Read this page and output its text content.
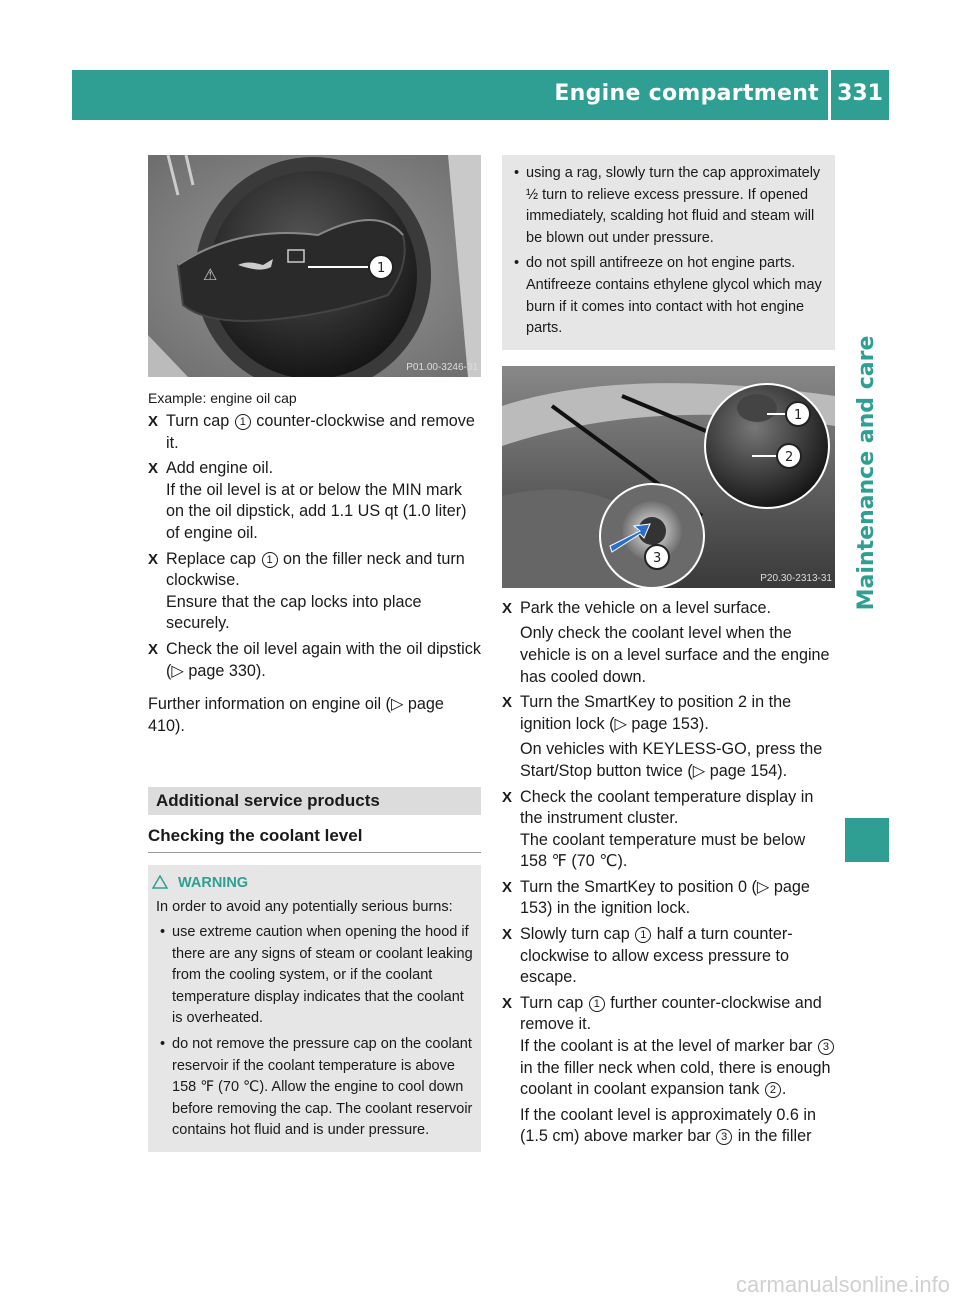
Engine compartment 331
Maintenance and care
⚠	1
P01.00-3246-31
Example: engine oil cap
X Turn cap 1 counter-clockwise and remove it.

X Add engine oil.

If the oil level is at or below the MIN mark on the oil dipstick, add 1.1 US qt (1.0 liter) of engine oil.

X Replace cap 1 on the filler neck and turn clockwise.

Ensure that the cap locks into place securely.

X Check the oil level again with the oil dipstick (▷ page 330).

Further information on engine oil (▷ page 410).
Additional service products
Checking the coolant level
WARNING
In order to avoid any potentially serious burns:
• use extreme caution when opening the hood if there are any signs of steam or coolant leaking from the cooling system, or if the coolant temperature display indicates that the coolant is overheated.

• do not remove the pressure cap on the coolant reservoir if the coolant temperature is above 158 ℉ (70 ℃). Allow the engine to cool down before removing the cap. The coolant reservoir contains hot fluid and is under pressure.

• using a rag, slowly turn the cap approximately ½ turn to relieve excess pressure. If opened immediately, scalding hot fluid and steam will be blown out under pressure.

• do not spill antifreeze on hot engine parts. Antifreeze contains ethylene glycol which may burn if it comes into contact with hot engine parts.

1
2
3
P20.30-2313-31
X Park the vehicle on a level surface.

Only check the coolant level when the vehicle is on a level surface and the engine has cooled down.

X Turn the SmartKey to position 2 in the ignition lock (▷ page 153).

On vehicles with KEYLESS-GO, press the Start/Stop button twice (▷ page 154).

X Check the coolant temperature display in the instrument cluster.

The coolant temperature must be below 158 ℉ (70 ℃).

X Turn the SmartKey to position 0 (▷ page 153) in the ignition lock.

X Slowly turn cap 1 half a turn counter-clockwise to allow excess pressure to escape.

X Turn cap 1 further counter-clockwise and remove it.

If the coolant is at the level of marker bar 3 in the filler neck when cold, there is enough coolant in coolant expansion tank 2 .

If the coolant level is approximately 0.6 in (1.5 cm) above marker bar 3 in the filler

carmanualsonline.info
